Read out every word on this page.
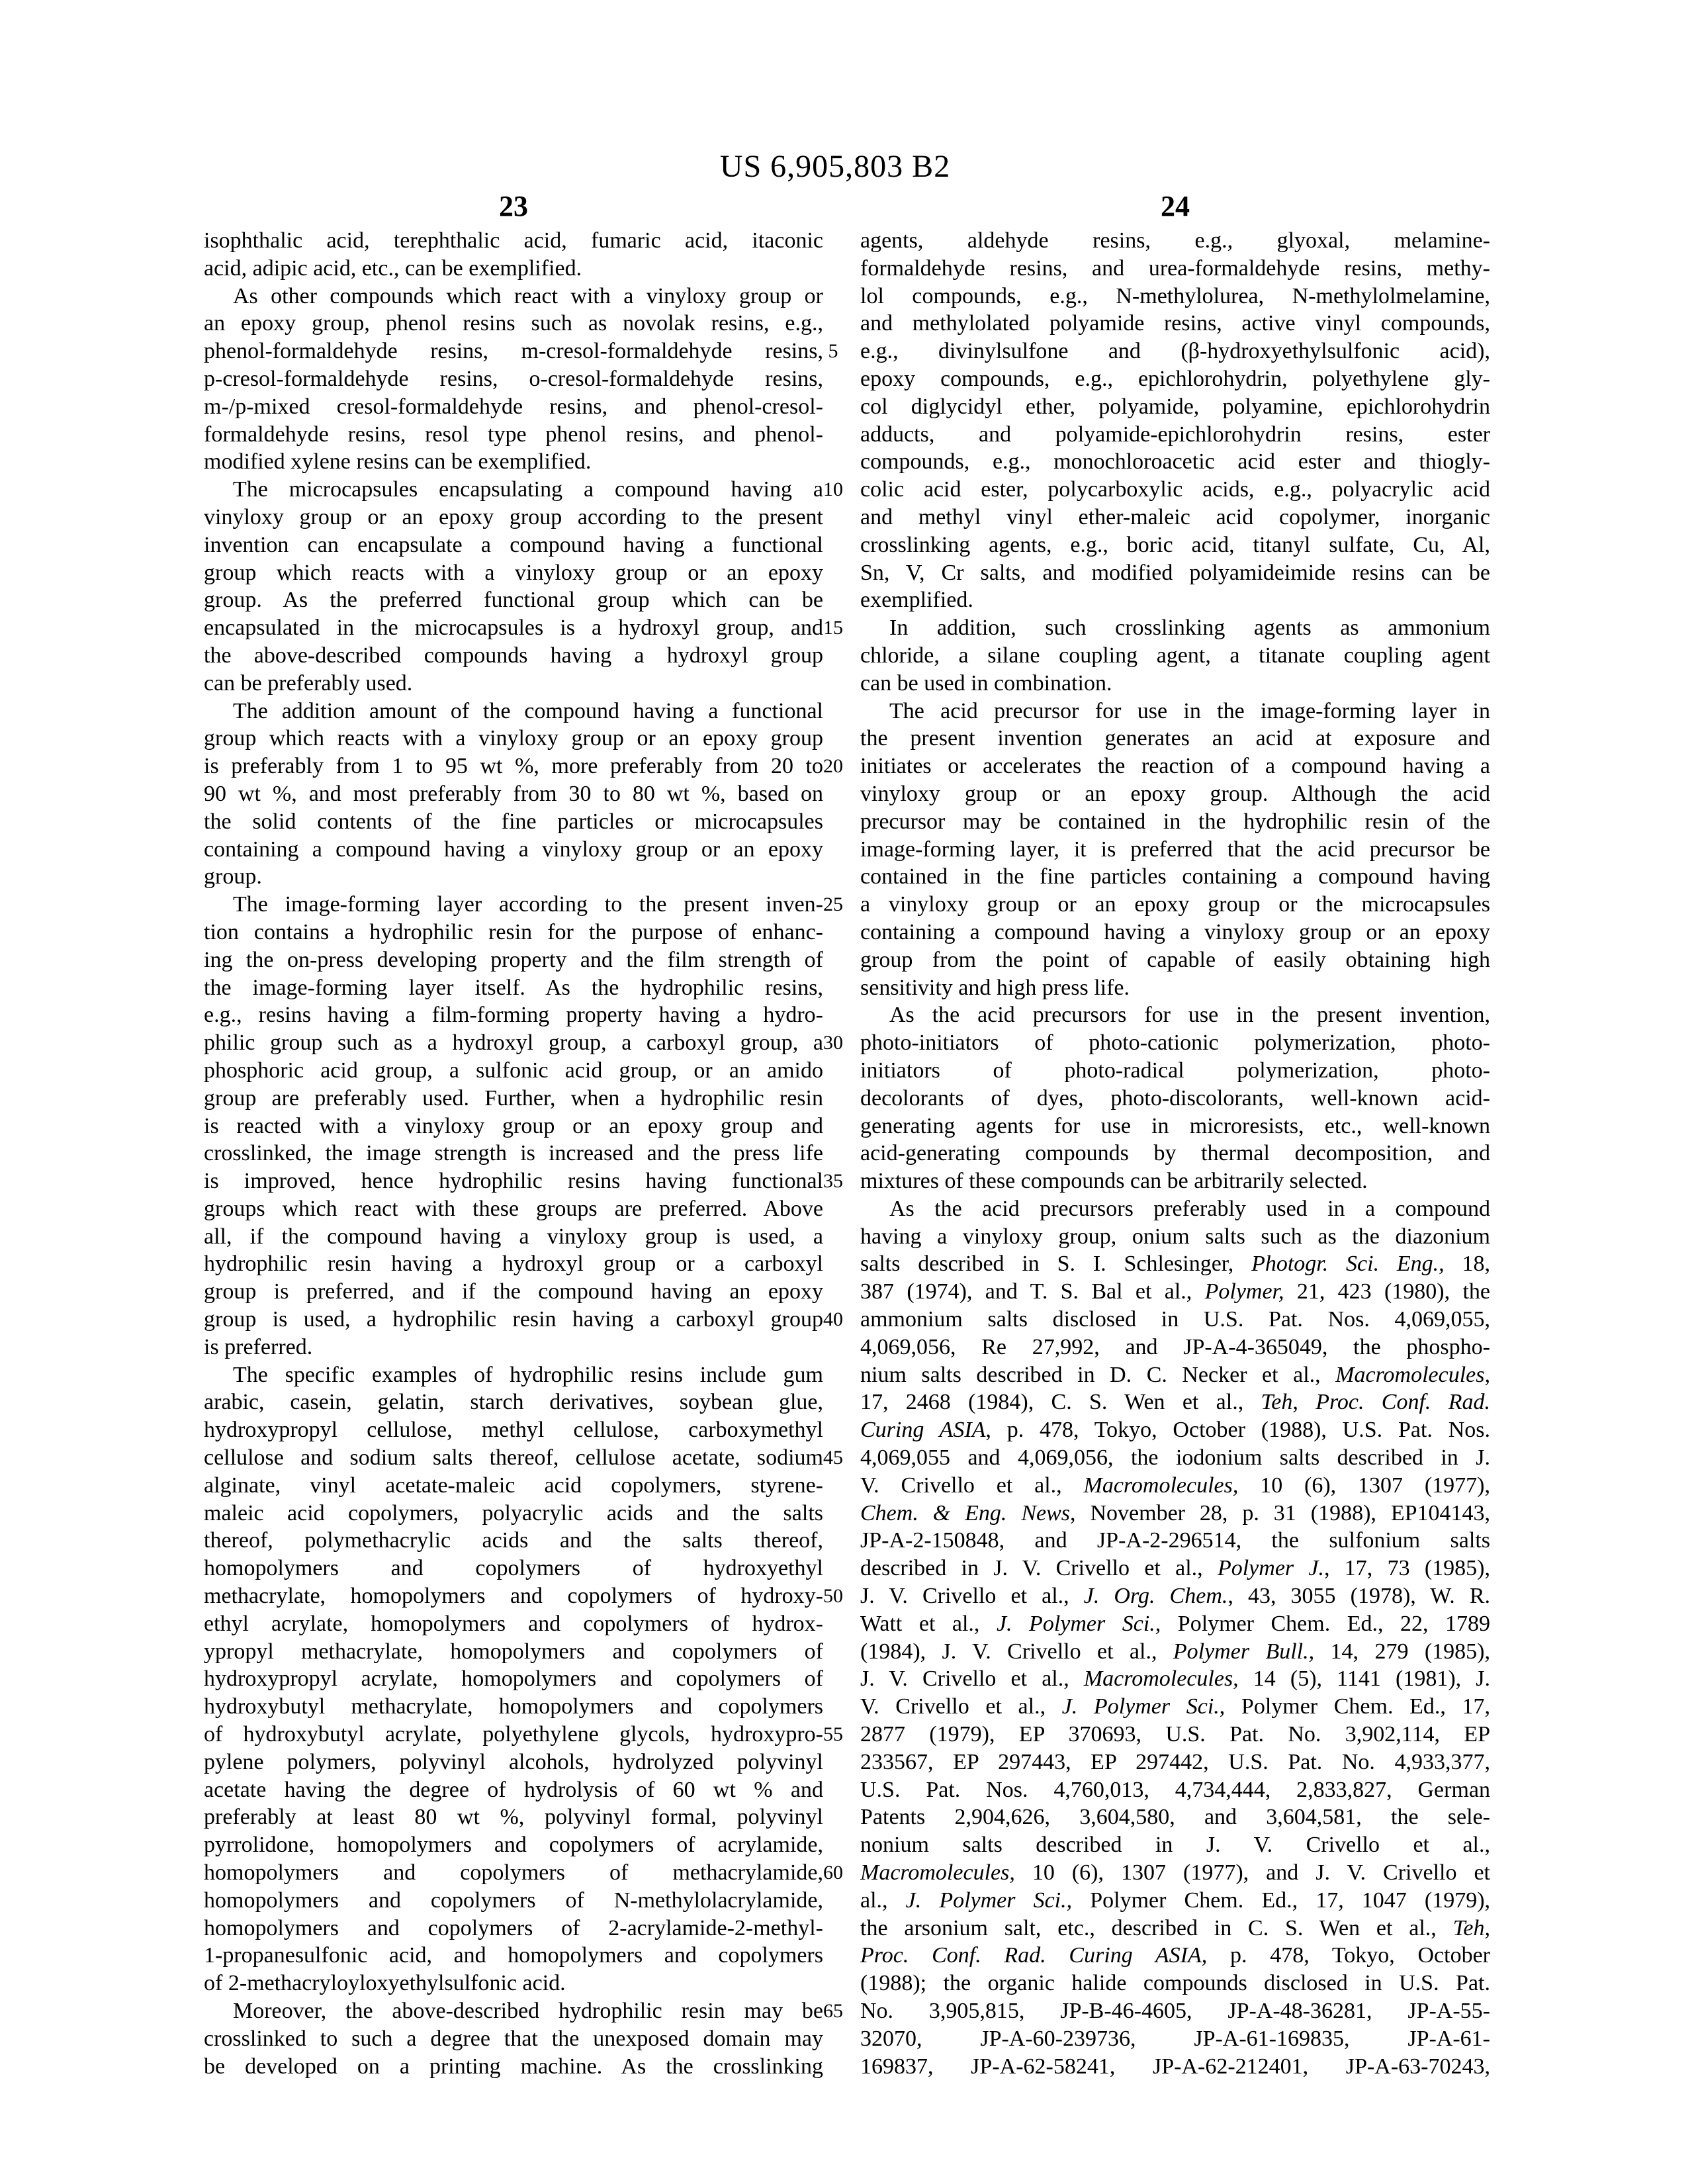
US 6,905,803 B2
23	24
isophthalic acid, terephthalic acid, fumaric acid, itaconic
acid, adipic acid, etc., can be exemplified.
As other compounds which react with a vinyloxy group or
an epoxy group, phenol resins such as novolak resins, e.g.,
phenol-formaldehyde resins, m-cresol-formaldehyde resins,
p-cresol-formaldehyde resins, o-cresol-formaldehyde resins,
m-/p-mixed cresol-formaldehyde resins, and phenol-cresol-
formaldehyde resins, resol type phenol resins, and phenol-
modified xylene resins can be exemplified.
The microcapsules encapsulating a compound having a
vinyloxy group or an epoxy group according to the present
invention can encapsulate a compound having a functional
group which reacts with a vinyloxy group or an epoxy
group. As the preferred functional group which can be
encapsulated in the microcapsules is a hydroxyl group, and
the above-described compounds having a hydroxyl group
can be preferably used.
The addition amount of the compound having a functional
group which reacts with a vinyloxy group or an epoxy group
is preferably from 1 to 95 wt %, more preferably from 20 to
90 wt %, and most preferably from 30 to 80 wt %, based on
the solid contents of the fine particles or microcapsules
containing a compound having a vinyloxy group or an epoxy
group.
The image-forming layer according to the present inven-
tion contains a hydrophilic resin for the purpose of enhanc-
ing the on-press developing property and the film strength of
the image-forming layer itself. As the hydrophilic resins,
e.g., resins having a film-forming property having a hydro-
philic group such as a hydroxyl group, a carboxyl group, a
phosphoric acid group, a sulfonic acid group, or an amido
group are preferably used. Further, when a hydrophilic resin
is reacted with a vinyloxy group or an epoxy group and
crosslinked, the image strength is increased and the press life
is improved, hence hydrophilic resins having functional
groups which react with these groups are preferred. Above
all, if the compound having a vinyloxy group is used, a
hydrophilic resin having a hydroxyl group or a carboxyl
group is preferred, and if the compound having an epoxy
group is used, a hydrophilic resin having a carboxyl group
is preferred.
The specific examples of hydrophilic resins include gum
arabic, casein, gelatin, starch derivatives, soybean glue,
hydroxypropyl cellulose, methyl cellulose, carboxymethyl
cellulose and sodium salts thereof, cellulose acetate, sodium
alginate, vinyl acetate-maleic acid copolymers, styrene-
maleic acid copolymers, polyacrylic acids and the salts
thereof, polymethacrylic acids and the salts thereof,
homopolymers and copolymers of hydroxyethyl
methacrylate, homopolymers and copolymers of hydroxy-
ethyl acrylate, homopolymers and copolymers of hydrox-
ypropyl methacrylate, homopolymers and copolymers of
hydroxypropyl acrylate, homopolymers and copolymers of
hydroxybutyl methacrylate, homopolymers and copolymers
of hydroxybutyl acrylate, polyethylene glycols, hydroxypro-
pylene polymers, polyvinyl alcohols, hydrolyzed polyvinyl
acetate having the degree of hydrolysis of 60 wt % and
preferably at least 80 wt %, polyvinyl formal, polyvinyl
pyrrolidone, homopolymers and copolymers of acrylamide,
homopolymers and copolymers of methacrylamide,
homopolymers and copolymers of N-methylolacrylamide,
homopolymers and copolymers of 2-acrylamide-2-methyl-
1-propanesulfonic acid, and homopolymers and copolymers
of 2-methacryloyloxyethylsulfonic acid.
Moreover, the above-described hydrophilic resin may be
crosslinked to such a degree that the unexposed domain may
be developed on a printing machine. As the crosslinking
5
10
15
20
25
30
35
40
45
50
55
60
65
agents, aldehyde resins, e.g., glyoxal, melamine-
formaldehyde resins, and urea-formaldehyde resins, methy-
lol compounds, e.g., N-methylolurea, N-methylolmelamine,
and methylolated polyamide resins, active vinyl compounds,
e.g., divinylsulfone and (β-hydroxyethylsulfonic acid),
epoxy compounds, e.g., epichlorohydrin, polyethylene gly-
col diglycidyl ether, polyamide, polyamine, epichlorohydrin
adducts, and polyamide-epichlorohydrin resins, ester
compounds, e.g., monochloroacetic acid ester and thiogly-
colic acid ester, polycarboxylic acids, e.g., polyacrylic acid
and methyl vinyl ether-maleic acid copolymer, inorganic
crosslinking agents, e.g., boric acid, titanyl sulfate, Cu, Al,
Sn, V, Cr salts, and modified polyamideimide resins can be
exemplified.
In addition, such crosslinking agents as ammonium
chloride, a silane coupling agent, a titanate coupling agent
can be used in combination.
The acid precursor for use in the image-forming layer in
the present invention generates an acid at exposure and
initiates or accelerates the reaction of a compound having a
vinyloxy group or an epoxy group. Although the acid
precursor may be contained in the hydrophilic resin of the
image-forming layer, it is preferred that the acid precursor be
contained in the fine particles containing a compound having
a vinyloxy group or an epoxy group or the microcapsules
containing a compound having a vinyloxy group or an epoxy
group from the point of capable of easily obtaining high
sensitivity and high press life.
As the acid precursors for use in the present invention,
photo-initiators of photo-cationic polymerization, photo-
initiators of photo-radical polymerization, photo-
decolorants of dyes, photo-discolorants, well-known acid-
generating agents for use in microresists, etc., well-known
acid-generating compounds by thermal decomposition, and
mixtures of these compounds can be arbitrarily selected.
As the acid precursors preferably used in a compound
having a vinyloxy group, onium salts such as the diazonium
salts described in S. I. Schlesinger, Photogr. Sci. Eng., 18,
387 (1974), and T. S. Bal et al., Polymer, 21, 423 (1980), the
ammonium salts disclosed in U.S. Pat. Nos. 4,069,055,
4,069,056, Re 27,992, and JP-A-4-365049, the phospho-
nium salts described in D. C. Necker et al., Macromolecules,
17, 2468 (1984), C. S. Wen et al., Teh, Proc. Conf. Rad.
Curing ASIA, p. 478, Tokyo, October (1988), U.S. Pat. Nos.
4,069,055 and 4,069,056, the iodonium salts described in J.
V. Crivello et al., Macromolecules, 10 (6), 1307 (1977),
Chem. & Eng. News, November 28, p. 31 (1988), EP104143,
JP-A-2-150848, and JP-A-2-296514, the sulfonium salts
described in J. V. Crivello et al., Polymer J., 17, 73 (1985),
J. V. Crivello et al., J. Org. Chem., 43, 3055 (1978), W. R.
Watt et al., J. Polymer Sci., Polymer Chem. Ed., 22, 1789
(1984), J. V. Crivello et al., Polymer Bull., 14, 279 (1985),
J. V. Crivello et al., Macromolecules, 14 (5), 1141 (1981), J.
V. Crivello et al., J. Polymer Sci., Polymer Chem. Ed., 17,
2877 (1979), EP 370693, U.S. Pat. No. 3,902,114, EP
233567, EP 297443, EP 297442, U.S. Pat. No. 4,933,377,
U.S. Pat. Nos. 4,760,013, 4,734,444, 2,833,827, German
Patents 2,904,626, 3,604,580, and 3,604,581, the sele-
nonium salts described in J. V. Crivello et al.,
Macromolecules, 10 (6), 1307 (1977), and J. V. Crivello et
al., J. Polymer Sci., Polymer Chem. Ed., 17, 1047 (1979),
the arsonium salt, etc., described in C. S. Wen et al., Teh,
Proc. Conf. Rad. Curing ASIA, p. 478, Tokyo, October
(1988); the organic halide compounds disclosed in U.S. Pat.
No. 3,905,815, JP-B-46-4605, JP-A-48-36281, JP-A-55-
32070, JP-A-60-239736, JP-A-61-169835, JP-A-61-
169837, JP-A-62-58241, JP-A-62-212401, JP-A-63-70243,
